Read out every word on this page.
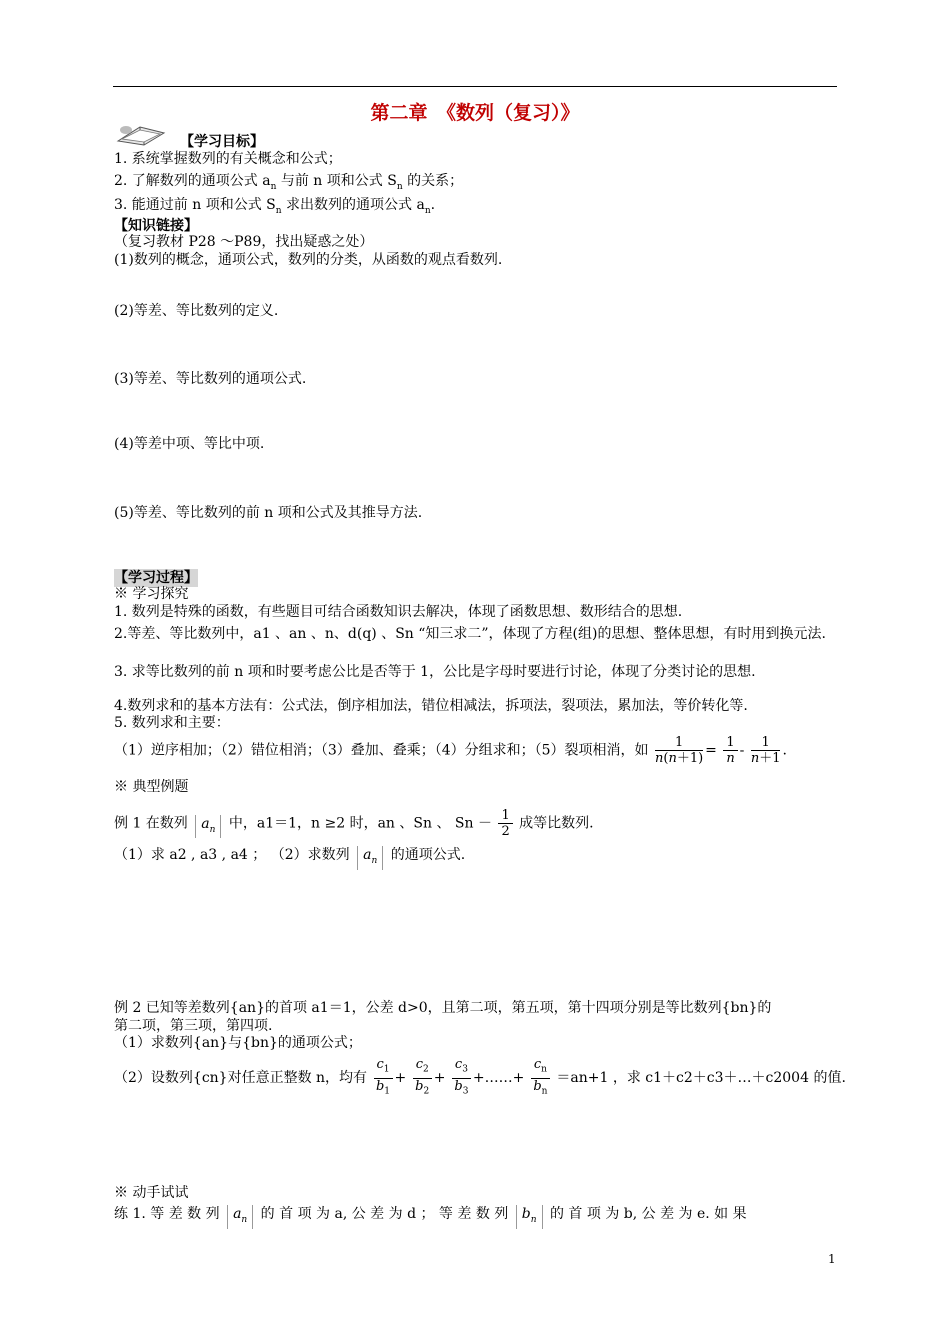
第二章　《数列（复习）》
【学习目标】
1. 系统掌握数列的有关概念和公式；
2. 了解数列的通项公式 $a_n$ 与前 n 项和公式 $S_n$ 的关系；
3. 能通过前 n 项和公式 $S_n$ 求出数列的通项公式 $a_n$.
【知识链接】
（复习教材 P28 ～P89，找出疑惑之处）
(1)数列的概念，通项公式，数列的分类，从函数的观点看数列.
(2)等差、等比数列的定义.
(3)等差、等比数列的通项公式.
(4)等差中项、等比中项.
(5)等差、等比数列的前 n 项和公式及其推导方法.
【学习过程】
※ 学习探究
1. 数列是特殊的函数，有些题目可结合函数知识去解决，体现了函数思想、数形结合的思想.
2.等差、等比数列中，a1 、an 、n、d(q) 、Sn “知三求二”，体现了方程(组)的思想、整体思想，有时用到换元法.
3. 求等比数列的前 n 项和时要考虑公比是否等于 1，公比是字母时要进行讨论，体现了分类讨论的思想.
4.数列求和的基本方法有：公式法，倒序相加法，错位相减法，拆项法，裂项法，累加法，等价转化等.
5. 数列求和主要：
（1）逆序相加；（2）错位相消；（3）叠加、叠乘；（4）分组求和；（5）裂项相消，如 $\frac{1}{n(n+1)} = \frac{1}{n} - \frac{1}{n+1}$ .
※ 典型例题
例 1 在数列 $a_n$ 中，a1＝1，n ≥2 时，an 、Sn 、 $Sn - \frac{1}{2}$ 成等比数列.
（1）求 a2 , a3 , a4 ； （2）求数列 $a_n$ 的通项公式.
例 2 已知等差数列{an}的首项 a1＝1，公差 d>0，且第二项，第五项，第十四项分别是等比数列{bn}的
第二项，第三项，第四项.
（1）求数列{an}与{bn}的通项公式；
（2）设数列{cn}对任意正整数 n，均有 $\frac{c_1}{b_1} + \frac{c_2}{b_2} + \frac{c_3}{b_3}$ +……+ $\frac{c_n}{b_n} =an+1$ ，求 c1＋c2＋c3＋…＋c2004 的值.
※ 动手试试
练 1. 等 差 数 列 $a_n$ 的 首 项 为 a, 公 差 为 d ； 等 差 数 列 $b_n$ 的 首 项 为 b, 公 差 为 e. 如 果
1
